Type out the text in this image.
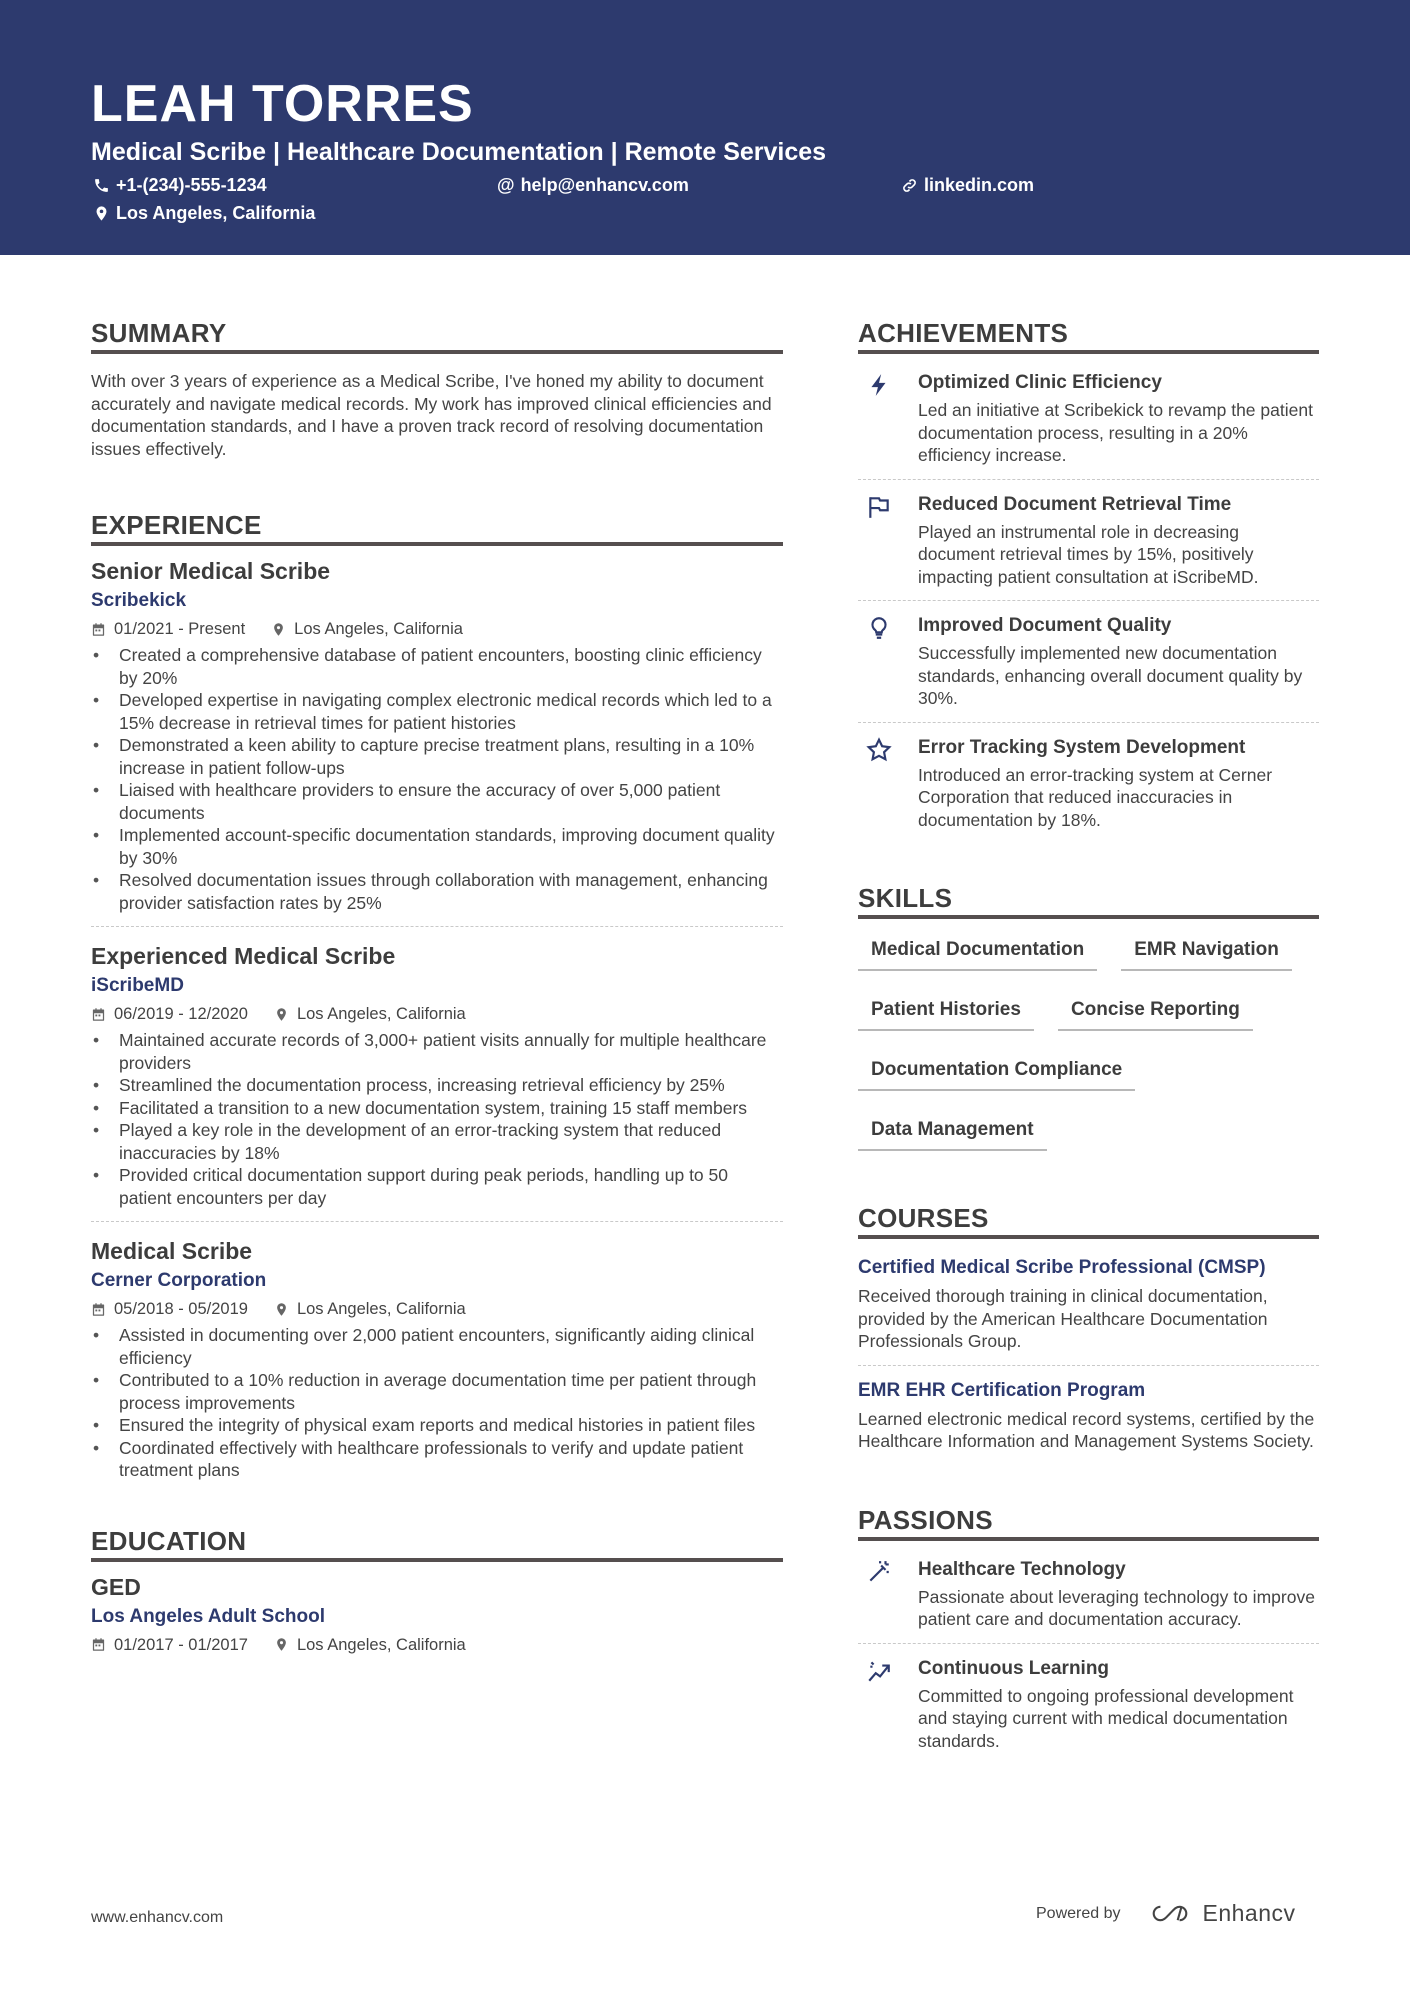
LEAH TORRES

Medical Scribe | Healthcare Documentation | Remote Services

+1-(234)-555-1234	@ help@enhancv.com	linkedin.com
Los Angeles, California
SUMMARY

With over 3 years of experience as a Medical Scribe, I've honed my ability to document accurately and navigate medical records. My work has improved clinical efficiencies and documentation standards, and I have a proven track record of resolving documentation issues effectively.

EXPERIENCE
Senior Medical Scribe
Scribekick
01/2021 - Present	Los Angeles, California
• Created a comprehensive database of patient encounters, boosting clinic efficiency by 20%
• Developed expertise in navigating complex electronic medical records which led to a 15% decrease in retrieval times for patient histories
• Demonstrated a keen ability to capture precise treatment plans, resulting in a 10% increase in patient follow-ups
• Liaised with healthcare providers to ensure the accuracy of over 5,000 patient documents
• Implemented account-specific documentation standards, improving document quality by 30%
• Resolved documentation issues through collaboration with management, enhancing provider satisfaction rates by 25%
Experienced Medical Scribe
iScribeMD
06/2019 - 12/2020	Los Angeles, California
• Maintained accurate records of 3,000+ patient visits annually for multiple healthcare providers
• Streamlined the documentation process, increasing retrieval efficiency by 25%
• Facilitated a transition to a new documentation system, training 15 staff members
• Played a key role in the development of an error-tracking system that reduced inaccuracies by 18%
• Provided critical documentation support during peak periods, handling up to 50 patient encounters per day
Medical Scribe
Cerner Corporation
05/2018 - 05/2019	Los Angeles, California
• Assisted in documenting over 2,000 patient encounters, significantly aiding clinical efficiency
• Contributed to a 10% reduction in average documentation time per patient through process improvements
• Ensured the integrity of physical exam reports and medical histories in patient files
• Coordinated effectively with healthcare professionals to verify and update patient treatment plans
EDUCATION
GED
Los Angeles Adult School
01/2017 - 01/2017	Los Angeles, California
ACHIEVEMENTS
Optimized Clinic Efficiency
Led an initiative at Scribekick to revamp the patient documentation process, resulting in a 20% efficiency increase.
Reduced Document Retrieval Time
Played an instrumental role in decreasing document retrieval times by 15%, positively impacting patient consultation at iScribeMD.
Improved Document Quality
Successfully implemented new documentation standards, enhancing overall document quality by 30%.
Error Tracking System Development
Introduced an error-tracking system at Cerner Corporation that reduced inaccuracies in documentation by 18%.
SKILLS
Medical Documentation	EMR Navigation
Patient Histories	Concise Reporting
Documentation Compliance
Data Management
COURSES
Certified Medical Scribe Professional (CMSP)
Received thorough training in clinical documentation, provided by the American Healthcare Documentation Professionals Group.
EMR EHR Certification Program
Learned electronic medical record systems, certified by the Healthcare Information and Management Systems Society.
PASSIONS
Healthcare Technology
Passionate about leveraging technology to improve patient care and documentation accuracy.
Continuous Learning
Committed to ongoing professional development and staying current with medical documentation standards.
www.enhancv.com	Powered by	Enhancv
